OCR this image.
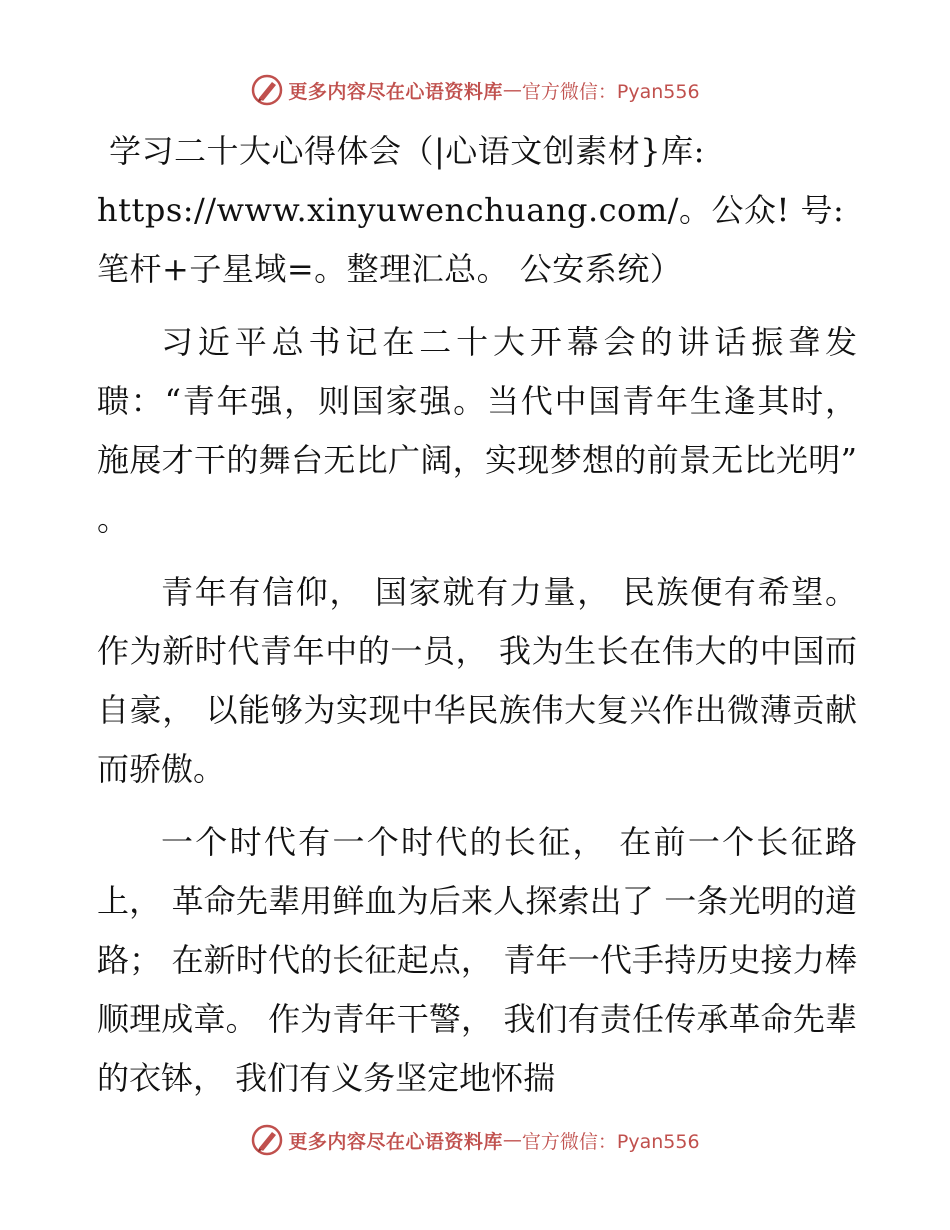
更多内容尽在心语资料库 — 官方微信：Pyan556

学习二十大心得体会（|心语文创素材}库:
https://www.xinyuwenchuang.com/。公众! 号:
笔杆+子星域=。整理汇总。 公安系统）

习近平总书记在二十大开幕会的讲话振聋发聩：“青年强，则国家强。当代中国青年生逢其时， 施展才干的舞台无比广阔，实现梦想的前景无比光明” 。

青年有信仰， 国家就有力量， 民族便有希望。 作为新时代青年中的一员， 我为生长在伟大的中国而自豪， 以能够为实现中华民族伟大复兴作出微薄贡献而骄傲。

一个时代有一个时代的长征， 在前一个长征路上， 革命先辈用鲜血为后来人探索出了 一条光明的道路； 在新时代的长征起点， 青年一代手持历史接力棒顺理成章。 作为青年干警， 我们有责任传承革命先辈的衣钵， 我们有义务坚定地怀揣

更多内容尽在心语资料库 — 官方微信：Pyan556
